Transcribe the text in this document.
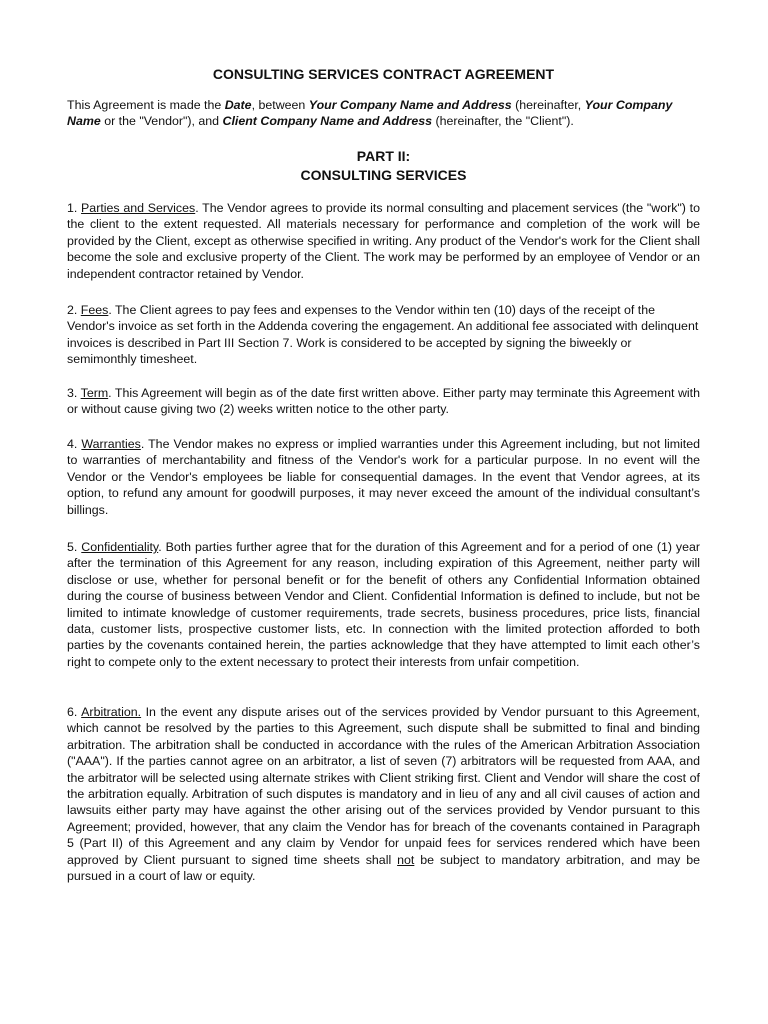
CONSULTING SERVICES CONTRACT AGREEMENT

This Agreement is made the Date, between Your Company Name and Address (hereinafter, Your Company Name or the "Vendor"), and Client Company Name and Address (hereinafter, the "Client").

PART II:
CONSULTING SERVICES

1. Parties and Services. The Vendor agrees to provide its normal consulting and placement services (the "work") to the client to the extent requested. All materials necessary for performance and completion of the work will be provided by the Client, except as otherwise specified in writing. Any product of the Vendor's work for the Client shall become the sole and exclusive property of the Client. The work may be performed by an employee of Vendor or an independent contractor retained by Vendor.

2. Fees. The Client agrees to pay fees and expenses to the Vendor within ten (10) days of the receipt of the Vendor's invoice as set forth in the Addenda covering the engagement. An additional fee associated with delinquent invoices is described in Part III Section 7. Work is considered to be accepted by signing the biweekly or semimonthly timesheet.

3. Term. This Agreement will begin as of the date first written above. Either party may terminate this Agreement with or without cause giving two (2) weeks written notice to the other party.

4. Warranties. The Vendor makes no express or implied warranties under this Agreement including, but not limited to warranties of merchantability and fitness of the Vendor's work for a particular purpose. In no event will the Vendor or the Vendor's employees be liable for consequential damages. In the event that Vendor agrees, at its option, to refund any amount for goodwill purposes, it may never exceed the amount of the individual consultant’s billings.

5. Confidentiality. Both parties further agree that for the duration of this Agreement and for a period of one (1) year after the termination of this Agreement for any reason, including expiration of this Agreement, neither party will disclose or use, whether for personal benefit or for the benefit of others any Confidential Information obtained during the course of business between Vendor and Client. Confidential Information is defined to include, but not be limited to intimate knowledge of customer requirements, trade secrets, business procedures, price lists, financial data, customer lists, prospective customer lists, etc. In connection with the limited protection afforded to both parties by the covenants contained herein, the parties acknowledge that they have attempted to limit each other’s right to compete only to the extent necessary to protect their interests from unfair competition.

6. Arbitration. In the event any dispute arises out of the services provided by Vendor pursuant to this Agreement, which cannot be resolved by the parties to this Agreement, such dispute shall be submitted to final and binding arbitration. The arbitration shall be conducted in accordance with the rules of the American Arbitration Association ("AAA"). If the parties cannot agree on an arbitrator, a list of seven (7) arbitrators will be requested from AAA, and the arbitrator will be selected using alternate strikes with Client striking first. Client and Vendor will share the cost of the arbitration equally. Arbitration of such disputes is mandatory and in lieu of any and all civil causes of action and lawsuits either party may have against the other arising out of the services provided by Vendor pursuant to this Agreement; provided, however, that any claim the Vendor has for breach of the covenants contained in Paragraph 5 (Part II) of this Agreement and any claim by Vendor for unpaid fees for services rendered which have been approved by Client pursuant to signed time sheets shall not be subject to mandatory arbitration, and may be pursued in a court of law or equity.
